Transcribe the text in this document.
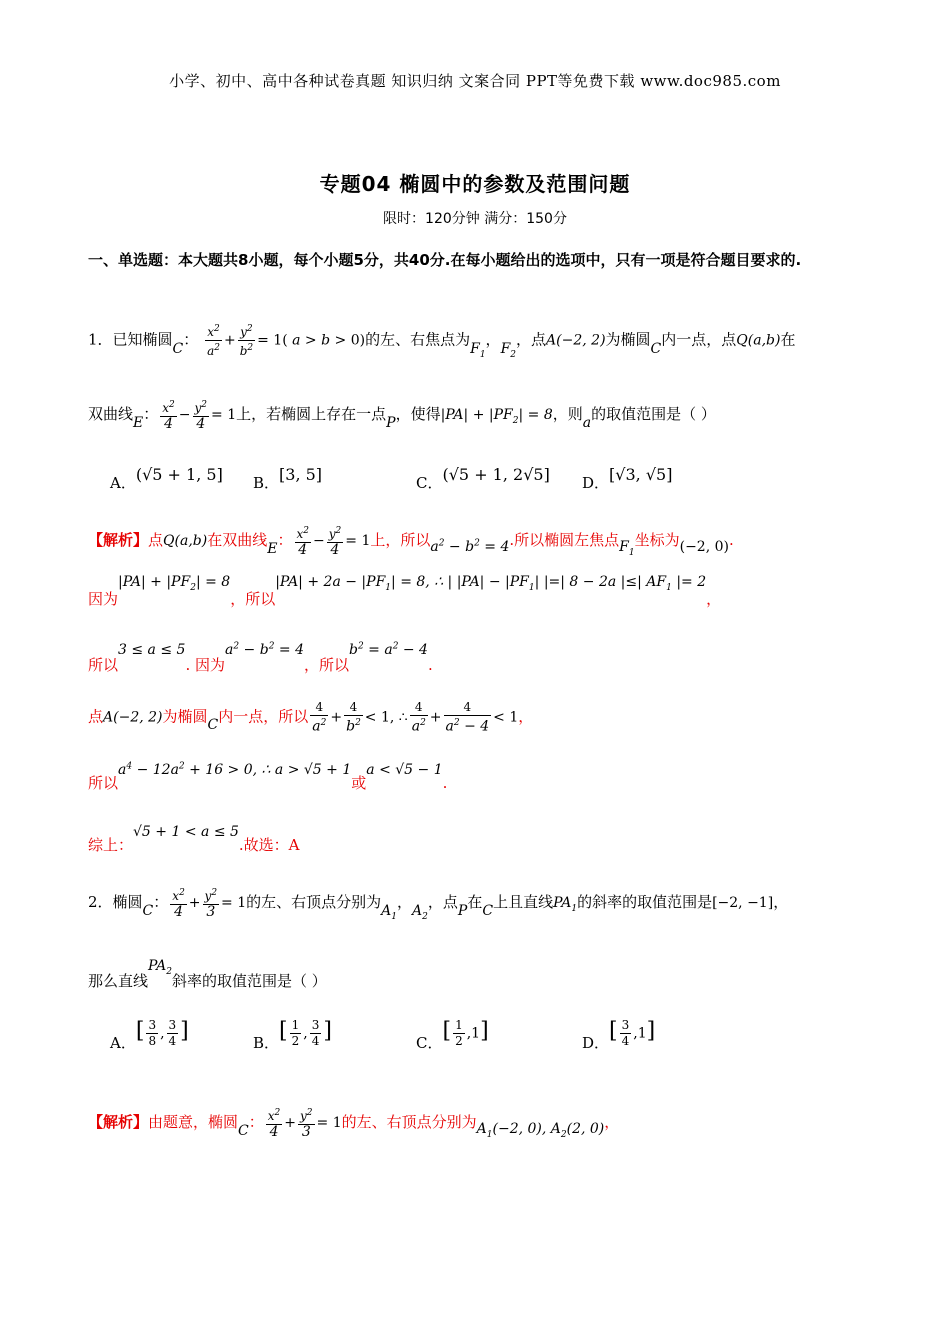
小学、初中、高中各种试卷真题 知识归纳 文案合同 PPT等免费下载 www.doc985.com
专题04 椭圆中的参数及范围问题
限时：120分钟 满分：150分
一、单选题：本大题共8小题，每个小题5分，共40分.在每小题给出的选项中，只有一项是符合题目要求的.
1．已知椭圆C： $\frac{x^2}{a^2} + \frac{y^2}{b^2} = 1$( a > b > 0)的左、右焦点为$F_1$，$F_2$，点A(−2, 2)为椭圆C内一点，点Q(a,b)在
双曲线E： $\frac{x^2}{4} - \frac{y^2}{4} = 1$上，若椭圆上存在一点P，使得$|PA| + |PF_2| = 8$，则a的取值范围是（ ）
A．(√5 + 1, 5] B．[3, 5]	C．(√5 + 1, 2√5] D．[√3, √5]
【解析】点Q(a,b)在双曲线E： $\frac{x^2}{4} - \frac{y^2}{4} = 1$上，所以$a^2 - b^2 = 4$.所以椭圆左焦点$F_1$坐标为(−2, 0).
因为$|PA| + |PF_2| = 8$，所以$|PA| + 2a - |PF_1| = 8$, ∴ | $|PA| - |PF_1|$ |=| 8 − 2a |≤| $AF_1$ |= 2，
所以3 ≤ a ≤ 5. 因为$a^2 - b^2 = 4$，所以$b^2 = a^2 - 4$.
点A(−2, 2)为椭圆C内一点，所以 $\frac{4}{a^2} + \frac{4}{b^2} < 1$, ∴ $\frac{4}{a^2} + \frac{4}{a^2 - 4} < 1$，
所以$a^4 - 12a^2 + 16 > 0$, ∴ a > √5 + 1或a < √5 − 1.
综上：√5 + 1 < a ≤ 5.故选：A
2．椭圆C： $\frac{x^2}{4} + \frac{y^2}{3} = 1$的左、右顶点分别为$A_1$，$A_2$，点P在C上且直线$PA_1$的斜率的取值范围是[−2, −1]，
那么直线$PA_2$斜率的取值范围是（ ）
A．[ $\frac{3}{8}$ , $\frac{3}{4}$ ]	B．[ $\frac{1}{2}$ , $\frac{3}{4}$ ]	C．[ $\frac{1}{2} ,1$]	D．[ $\frac{3}{4} ,1$]
【解析】由题意，椭圆C： $\frac{x^2}{4} + \frac{y^2}{3} = 1$的左、右顶点分别为$A_1(-2$, 0), $A_2(2$, 0)，
